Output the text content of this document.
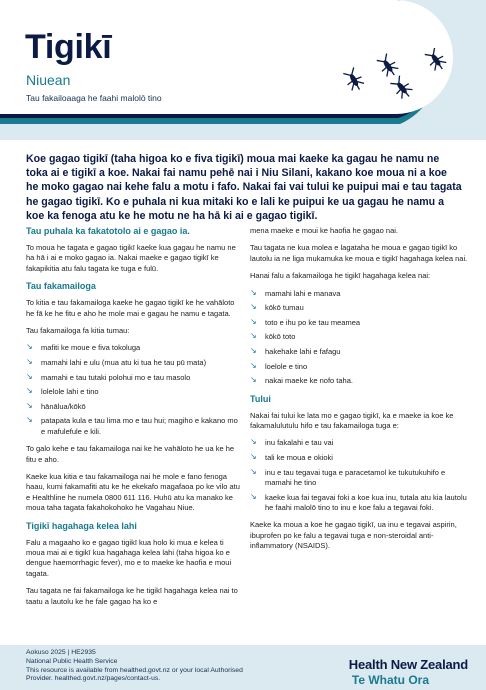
Tigikī
Niuean
Tau fakailoaaga he faahi malolō tino
Koe gagao tigikī (taha higoa ko e fiva tigikī) moua mai kaeke ka gagau he namu ne toka ai e tigikī a koe. Nakai fai namu pehē nai i Niu Silani, kakano koe moua ni a koe he moko gagao nai kehe falu a motu i fafo. Nakai fai vai tului ke puipui mai e tau tagata he gagao tigikī. Ko e puhala ni kua mitaki ko e lali ke puipui ke ua gagau he namu a koe ka fenoga atu ke he motu ne ha hā ki ai e gagao tigikī.
Tau puhala ka fakatotolo ai e gagao ia.

To moua he tagata e gagao tigikī kaeke kua gagau he namu ne ha hā i ai e moko gagao ia. Nakai maeke e gagao tigikī ke fakapikitia atu falu tagata ke tuga e fulū.

Tau fakamailoga

To kitia e tau fakamailoga kaeke he gagao tigikī ke he vahāloto he fā ke he fitu e aho he mole mai e gagau he namu e tagata.

Tau fakamailoga fa kitia tumau:

↘ mafiti ke moue e fiva tokoluga
↘ mamahi lahi e ulu (mua atu ki tua he tau pū mata)
↘ mamahi e tau tutaki polohui mo e tau masolo
↘ lolelole lahi e tino
↘ hānālua/kōkō
↘ patapata kula e tau lima mo e tau hui; magiho e kakano mo e mafulefule e kili.

To galo kehe e tau fakamailoga nai ke he vahāloto he ua ke he fitu e aho.

Kaeke kua kitia e tau fakamailoga nai he mole e fano fenoga haau, kumi fakamafiti atu ke he ekekafo magafaoa po ke vilo atu e Healthline he numela 0800 611 116. Huhū atu ka manako ke moua taha tagata fakahokohoko he Vagahau Niue.

Tigikī hagahaga kelea lahi

Falu a magaaho ko e gagao tigikī kua holo ki mua e kelea ti moua mai ai e tigikī kua hagahaga kelea lahi (taha higoa ko e dengue haemorrhagic fever), mo e to maeke ke haofia e moui tagata.

Tau tagata ne fai fakamailoga ke he tigikī hagahaga kelea nai to taatu a lautolu ke he fale gagao ha ko e

mena maeke e moui ke haofia he gagao nai.

Tau tagata ne kua molea e lagataha he moua e gagao tigikī ko lautolu ia ne liga mukamuka ke moua e tigikī hagahaga kelea nai.

Hanai falu a fakamailoga he tigikī hagahaga kelea nai:

↘ mamahi lahi e manava
↘ kōkō tumau
↘ toto e ihu po ke tau meamea
↘ kōkō toto
↘ hakehake lahi e fafagu
↘ loelole e tino
↘ nakai maeke ke nofo taha.
Tului

Nakai fai tului ke lata mo e gagao tigikī, ka e maeke ia koe ke fakamalulutulu hifo e tau fakamailoga tuga e:

↘ inu fakalahi e tau vai
↘ tali ke moua e okioki
↘ inu e tau tegavai tuga e paracetamol ke tukutukuhifo e mamahi he tino
↘ kaeke kua fai tegavai foki a koe kua inu, tutala atu kia lautolu he faahi malolō tino to inu e koe falu a tegavai foki.

Kaeke ka moua a koe he gagao tigikī, ua inu e tegavai aspirin, ibuprofen po ke falu a tegavai tuga e non-steroidal anti-inflammatory (NSAIDS).

Aokuso 2025 | HE2935
National Public Health Service
This resource is available from healthed.govt.nz or your local Authorised
Provider. healthed.govt.nz/pages/contact-us.
Health New Zealand
Te Whatu Ora
